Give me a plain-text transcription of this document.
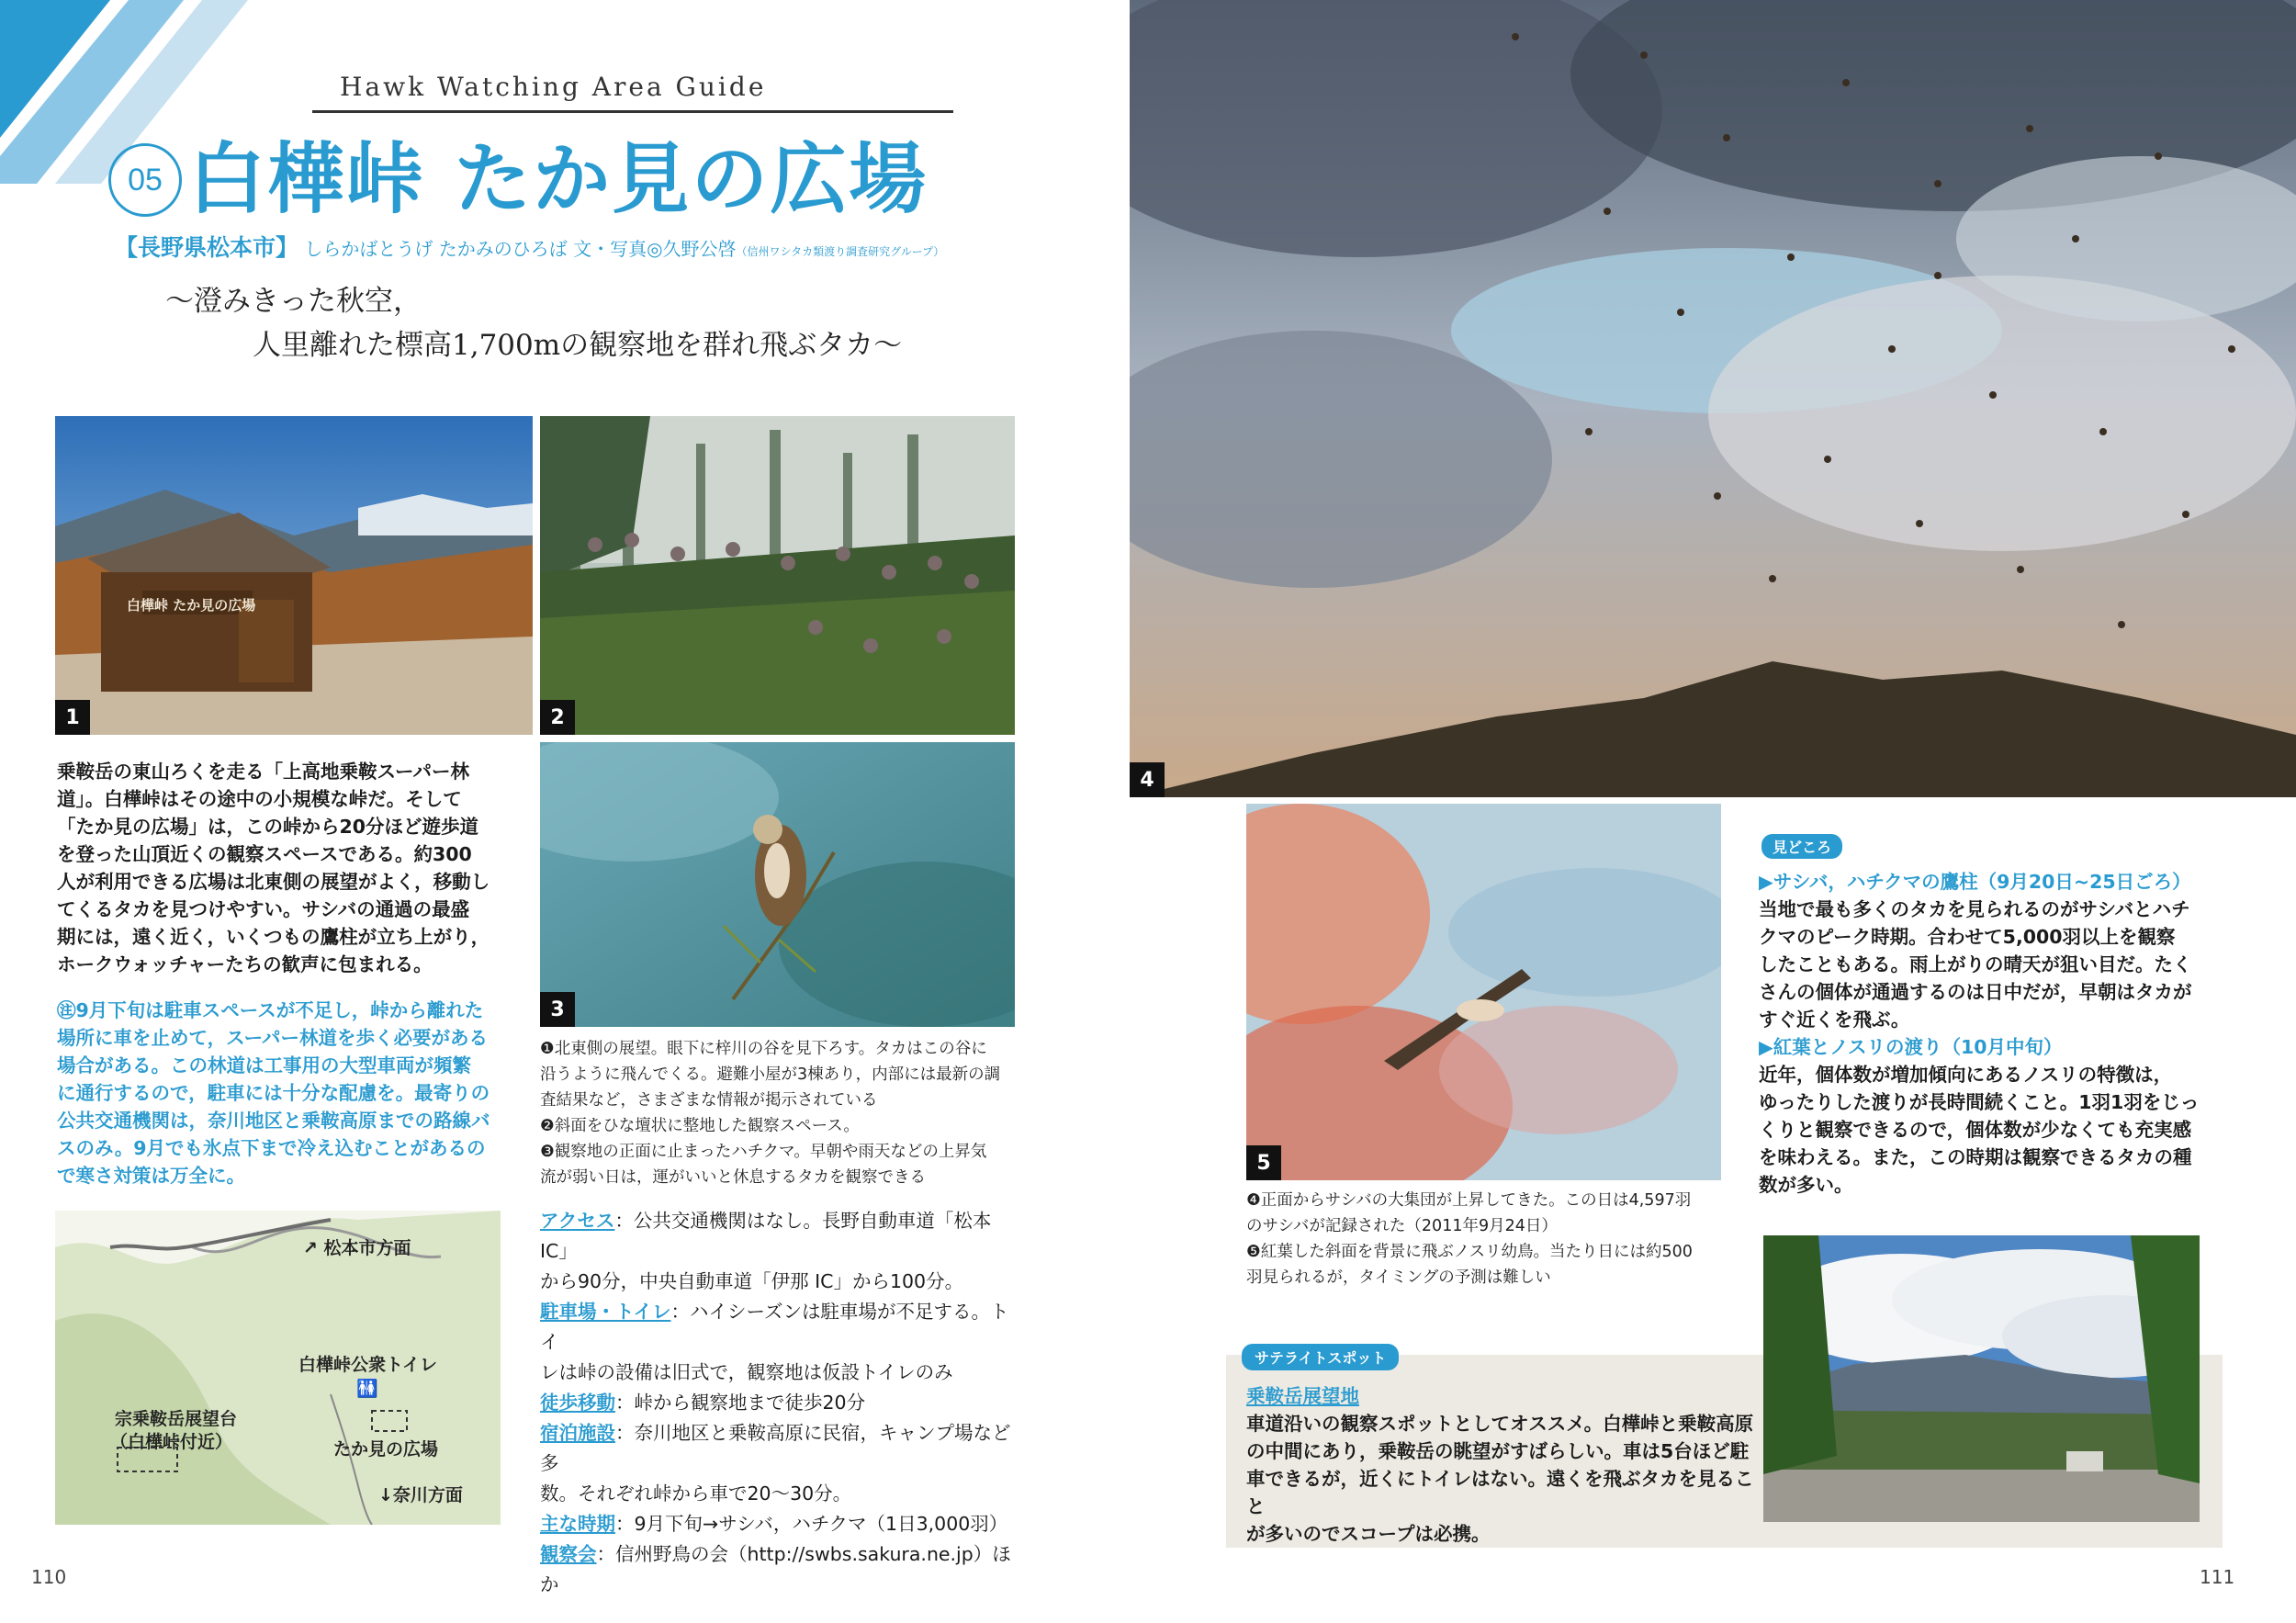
Hawk Watching Area Guide
05 白樺峠 たか見の広場
【長野県松本市】 しらかばとうげ たかみのひろば 文・写真◎久野公啓（信州ワシタカ類渡り調査研究グループ）
～澄みきった秋空，
人里離れた標高1,700mの観察地を群れ飛ぶタカ～
白樺峠 たか見の広場
1	2
3
乗鞍岳の東山ろくを走る「上高地乗鞍スーパー林
道」。白樺峠はその途中の小規模な峠だ。そして
「たか見の広場」は，この峠から20分ほど遊歩道
を登った山頂近くの観察スペースである。約300
人が利用できる広場は北東側の展望がよく，移動し
てくるタカを見つけやすい。サシバの通過の最盛
期には，遠く近く，いくつもの鷹柱が立ち上がり，
ホークウォッチャーたちの歓声に包まれる。
㊟9月下旬は駐車スペースが不足し，峠から離れた
場所に車を止めて，スーパー林道を歩く必要がある
場合がある。この林道は工事用の大型車両が頻繁
に通行するので，駐車には十分な配慮を。最寄りの
公共交通機関は，奈川地区と乗鞍高原までの路線バ
スのみ。9月でも氷点下まで冷え込むことがあるの
で寒さ対策は万全に。
❶北東側の展望。眼下に梓川の谷を見下ろす。タカはこの谷に
沿うように飛んでくる。避難小屋が3棟あり，内部には最新の調
査結果など，さまざまな情報が掲示されている
❷斜面をひな壇状に整地した観察スペース。
❸観察地の正面に止まったハチクマ。早朝や雨天などの上昇気
流が弱い日は，運がいいと休息するタカを観察できる
↗ 松本市方面
白樺峠公衆トイレ
🚻
宗乗鞍岳展望台
（白樺峠付近）	たか見の広場
↓奈川方面

アクセス：公共交通機関はなし。長野自動車道「松本 IC」

から90分，中央自動車道「伊那 IC」から100分。

駐車場・トイレ：ハイシーズンは駐車場が不足する。トイ

レは峠の設備は旧式で，観察地は仮設トイレのみ

徒歩移動：峠から観察地まで徒歩20分

宿泊施設：奈川地区と乗鞍高原に民宿，キャンプ場など多

数。それぞれ峠から車で20～30分。

主な時期：9月下旬→サシバ，ハチクマ（1日3,000羽）

観察会：信州野鳥の会（http://swbs.sakura.ne.jp）ほ

か

110
4
5
❹正面からサシバの大集団が上昇してきた。この日は4,597羽
のサシバが記録された（2011年9月24日）
❺紅葉した斜面を背景に飛ぶノスリ幼鳥。当たり日には約500
羽見られるが，タイミングの予測は難しい
見どころ
▶サシバ，ハチクマの鷹柱（9月20日~25日ごろ）
当地で最も多くのタカを見られるのがサシバとハチ
クマのピーク時期。合わせて5,000羽以上を観察
したこともある。雨上がりの晴天が狙い目だ。たく
さんの個体が通過するのは日中だが，早朝はタカが
すぐ近くを飛ぶ。
▶紅葉とノスリの渡り（10月中旬）
近年，個体数が増加傾向にあるノスリの特徴は，
ゆったりした渡りが長時間続くこと。1羽1羽をじっ
くりと観察できるので，個体数が少なくても充実感
を味わえる。また，この時期は観察できるタカの種
数が多い。
サテライトスポット
乗鞍岳展望地
車道沿いの観察スポットとしてオススメ。白樺峠と乗鞍高原
の中間にあり，乗鞍岳の眺望がすばらしい。車は5台ほど駐
車できるが，近くにトイレはない。遠くを飛ぶタカを見ること
が多いのでスコープは必携。
111
